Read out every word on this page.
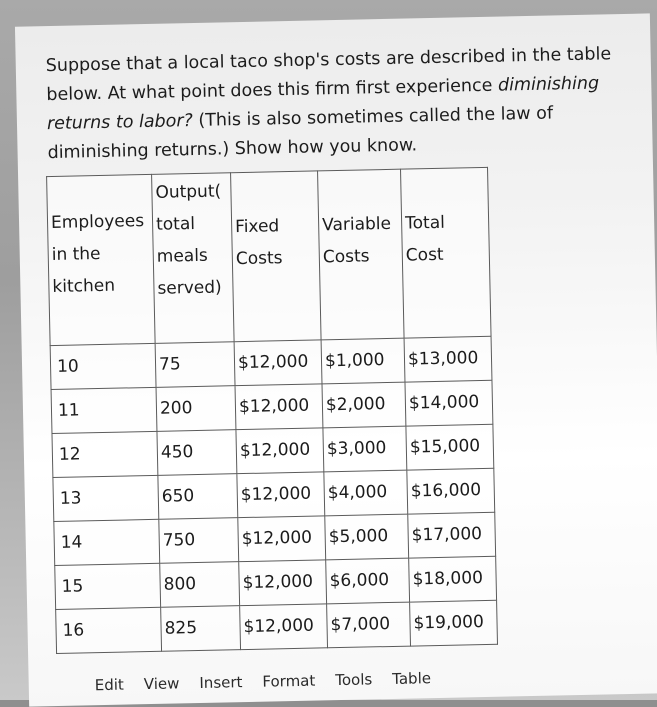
Suppose that a local taco shop's costs are described in the table below. At what point does this firm first experience diminishing returns to labor? (This is also sometimes called the law of diminishing returns.) Show how you know.

Employees in the kitchen	Output( total meals served)	Fixed Costs	Variable Costs	Total Cost
10	75	$12,000	$1,000	$13,000
11	200	$12,000	$2,000	$14,000
12	450	$12,000	$3,000	$15,000
13	650	$12,000	$4,000	$16,000
14	750	$12,000	$5,000	$17,000
15	800	$12,000	$6,000	$18,000
16	825	$12,000	$7,000	$19,000
Edit View Insert Format Tools Table
